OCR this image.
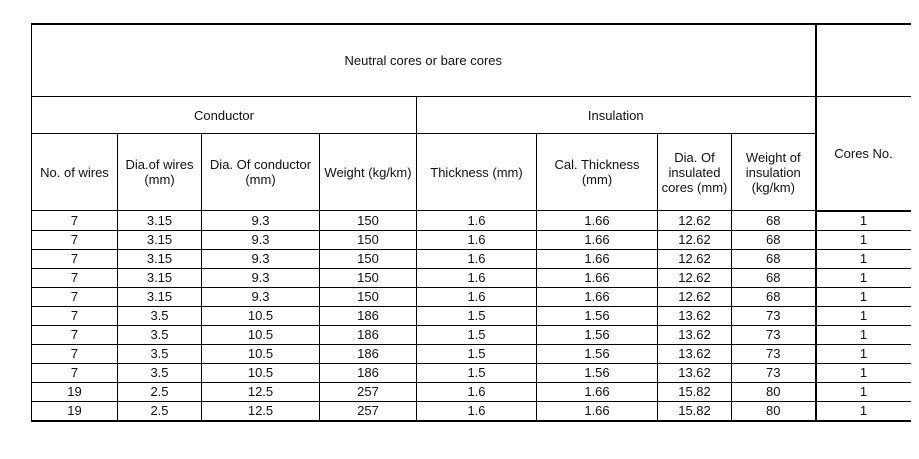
Neutral cores or bare cores								
Conductor				Insulation				Cores No.
No. of wires	Dia.of wires (mm)	Dia. Of conductor (mm)	Weight (kg/km)	Thickness (mm)	Cal. Thickness (mm)	Dia. Of insulated cores (mm)	Weight of insulation (kg/km)	
7	3.15	9.3	150	1.6	1.66	12.62	68	1
7	3.15	9.3	150	1.6	1.66	12.62	68	1
7	3.15	9.3	150	1.6	1.66	12.62	68	1
7	3.15	9.3	150	1.6	1.66	12.62	68	1
7	3.15	9.3	150	1.6	1.66	12.62	68	1
7	3.5	10.5	186	1.5	1.56	13.62	73	1
7	3.5	10.5	186	1.5	1.56	13.62	73	1
7	3.5	10.5	186	1.5	1.56	13.62	73	1
7	3.5	10.5	186	1.5	1.56	13.62	73	1
19	2.5	12.5	257	1.6	1.66	15.82	80	1
19	2.5	12.5	257	1.6	1.66	15.82	80	1
